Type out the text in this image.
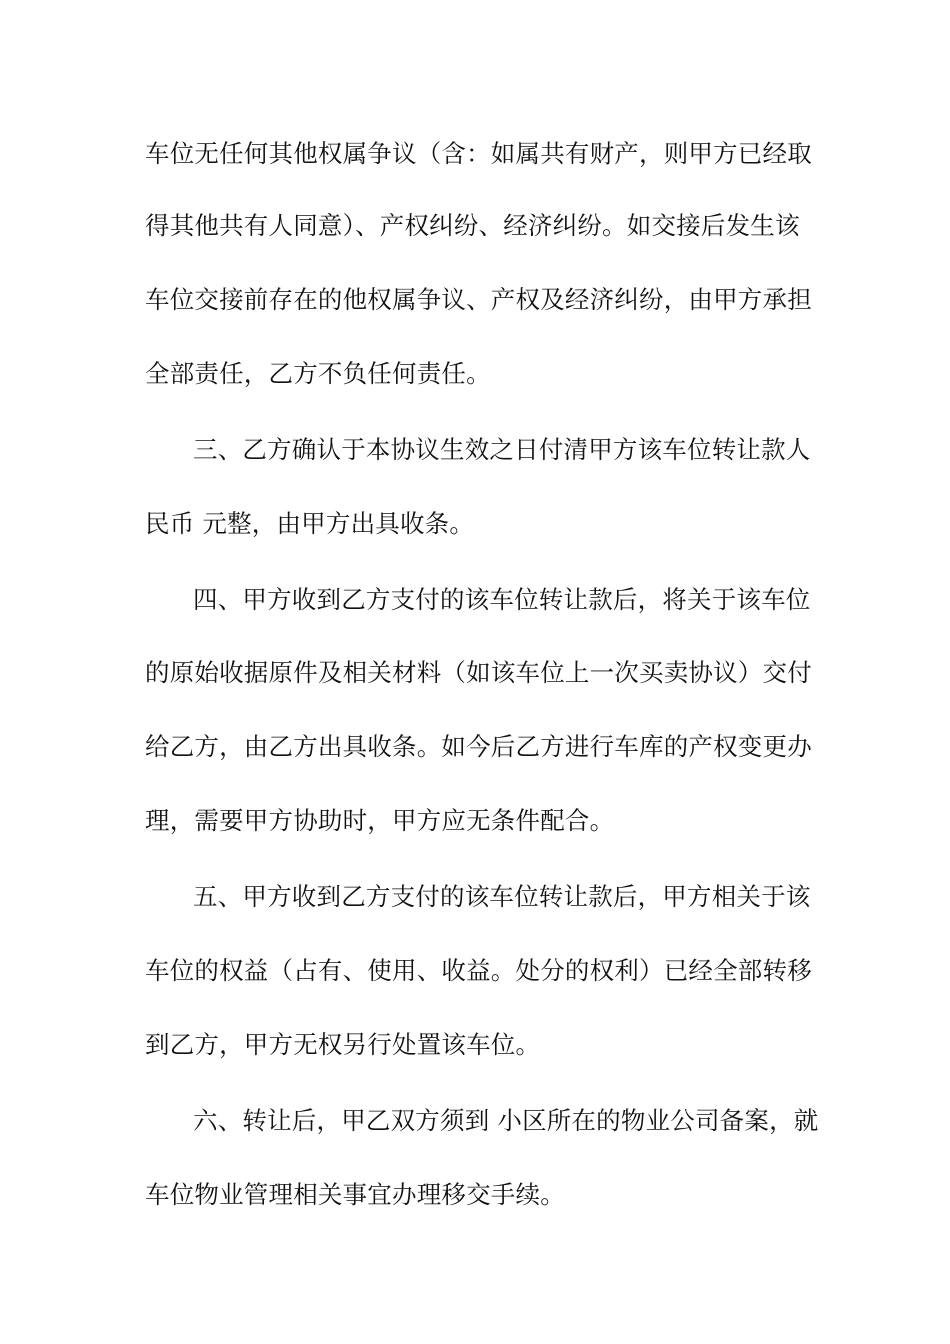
车位无任何其他权属争议（含：如属共有财产，则甲方已经取
得其他共有人同意）、产权纠纷、经济纠纷。如交接后发生该
车位交接前存在的他权属争议、产权及经济纠纷，由甲方承担
全部责任，乙方不负任何责任。
三、乙方确认于本协议生效之日付清甲方该车位转让款人
民币 元整，由甲方出具收条。
四、甲方收到乙方支付的该车位转让款后，将关于该车位
的原始收据原件及相关材料（如该车位上一次买卖协议）交付
给乙方，由乙方出具收条。如今后乙方进行车库的产权变更办
理，需要甲方协助时，甲方应无条件配合。
五、甲方收到乙方支付的该车位转让款后，甲方相关于该
车位的权益（占有、使用、收益。处分的权利）已经全部转移
到乙方，甲方无权另行处置该车位。
六、转让后，甲乙双方须到 小区所在的物业公司备案，就
车位物业管理相关事宜办理移交手续。
